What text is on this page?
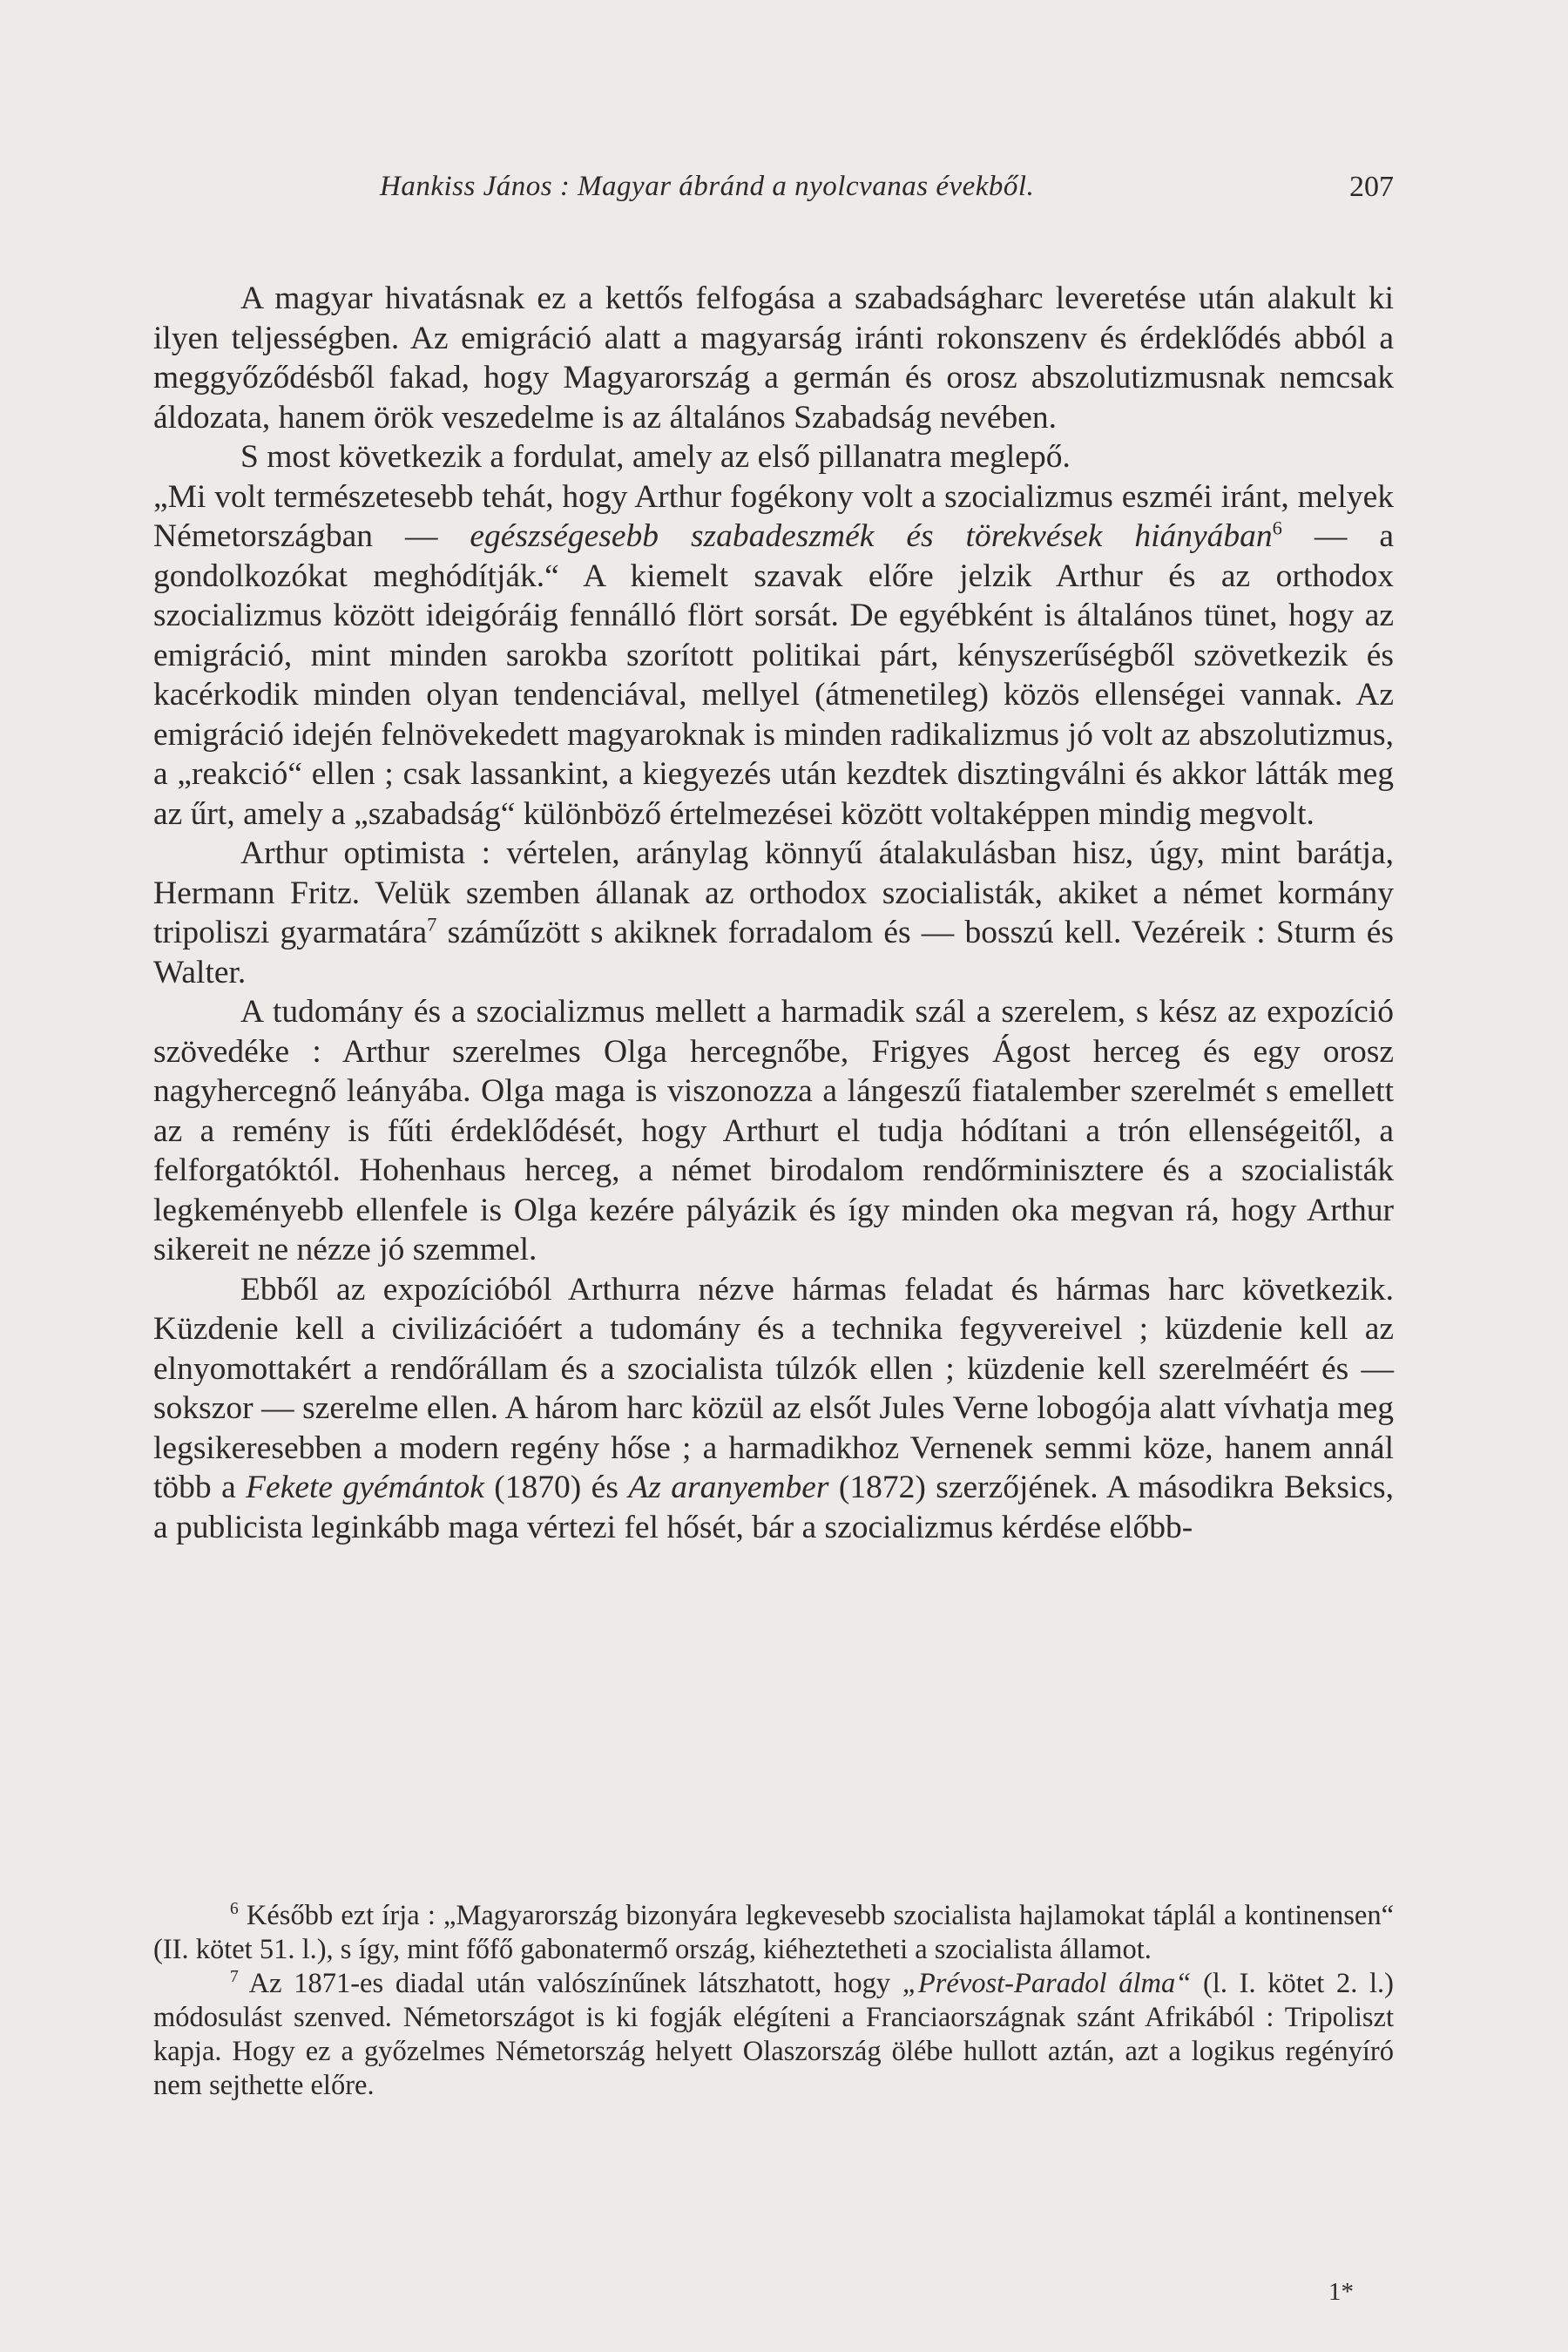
Hankiss János : Magyar ábránd a nyolcvanas évekből.	207

A magyar hivatásnak ez a kettős felfogása a szabadságharc leveretése után alakult ki ilyen teljességben. Az emigráció alatt a magyarság iránti rokonszenv és érdeklődés abból a meggyőződésből fakad, hogy Magyarország a germán és orosz abszolutizmusnak nemcsak áldozata, hanem örök veszedelme is az általános Szabadság nevében.

S most következik a fordulat, amely az első pillanatra meglepő.

„Mi volt természetesebb tehát, hogy Arthur fogékony volt a szocializmus eszméi iránt, melyek Németországban — egészségesebb szabadeszmék és törekvések hiányában$^6$ — a gondolkozókat meghódítják.“ A kiemelt szavak előre jelzik Arthur és az orthodox szocializmus között ideigóráig fennálló flört sorsát. De egyébként is általános tünet, hogy az emigráció, mint minden sarokba szorított politikai párt, kényszerűségből szövetkezik és kacérkodik minden olyan tendenciával, mellyel (átmenetileg) közös ellenségei vannak. Az emigráció idején felnövekedett magyaroknak is minden radikalizmus jó volt az abszolutizmus, a „reakció“ ellen ; csak lassankint, a kiegyezés után kezdtek disztingválni és akkor látták meg az űrt, amely a „szabadság“ különböző értelmezései között voltaképpen mindig megvolt.

Arthur optimista : vértelen, aránylag könnyű átalakulásban hisz, úgy, mint barátja, Hermann Fritz. Velük szemben állanak az orthodox szocialisták, akiket a német kormány tripoliszi gyarmatára$^7$ száműzött s akiknek forradalom és — bosszú kell. Vezéreik : Sturm és Walter.

A tudomány és a szocializmus mellett a harmadik szál a szerelem, s kész az expozíció szövedéke : Arthur szerelmes Olga hercegnőbe, Frigyes Ágost herceg és egy orosz nagyhercegnő leányába. Olga maga is viszonozza a lángeszű fiatalember szerelmét s emellett az a remény is fűti érdeklődését, hogy Arthurt el tudja hódítani a trón ellenségeitől, a felforgatóktól. Hohenhaus herceg, a német birodalom rendőrminisztere és a szocialisták legkeményebb ellenfele is Olga kezére pályázik és így minden oka megvan rá, hogy Arthur sikereit ne nézze jó szemmel.

Ebből az expozícióból Arthurra nézve hármas feladat és hármas harc következik. Küzdenie kell a civilizációért a tudomány és a technika fegyvereivel ; küzdenie kell az elnyomottakért a rendőrállam és a szocialista túlzók ellen ; küzdenie kell szerelméért és — sokszor — szerelme ellen. A három harc közül az elsőt Jules Verne lobogója alatt vívhatja meg legsikeresebben a modern regény hőse ; a harmadikhoz Vernenek semmi köze, hanem annál több a Fekete gyémántok (1870) és Az aranyember (1872) szerzőjének. A másodikra Beksics, a publicista leginkább maga vértezi fel hősét, bár a szocializmus kérdése előbb-

$^6$ Később ezt írja : „Magyarország bizonyára legkevesebb szocialista hajlamokat táplál a kontinensen“ (II. kötet 51. l.), s így, mint főfő gabonatermő ország, kiéheztetheti a szocialista államot.

$^7$ Az 1871-es diadal után valószínűnek látszhatott, hogy „Prévost-Paradol álma“ (l. I. kötet 2. l.) módosulást szenved. Németországot is ki fogják elégíteni a Franciaországnak szánt Afrikából : Tripoliszt kapja. Hogy ez a győzelmes Németország helyett Olaszország ölébe hullott aztán, azt a logikus regényíró nem sejthette előre.

1*
